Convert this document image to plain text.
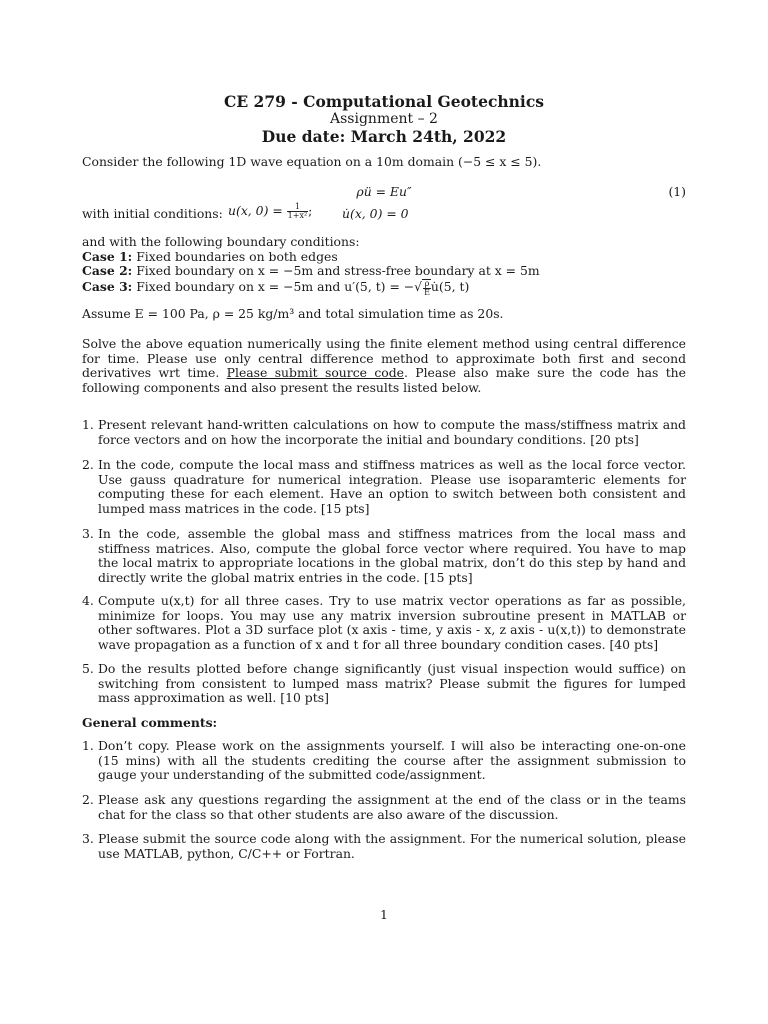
CE 279 - Computational Geotechnics
Assignment – 2
Due date: March 24th, 2022
Consider the following 1D wave equation on a 10m domain (−5 ≤ x ≤ 5).
ρü = Eu″	(1)
with initial conditions: u(x, $0) = \frac{1}{\text{1+x²}}$ ; u̇(x, 0) = 0
and with the following boundary conditions:
Case 1: Fixed boundaries on both edges
Case 2: Fixed boundary on x = −5m and stress-free boundary at x = 5m
Case 3: Fixed boundary on x = −5m and u′(5, t) = −√ $\frac{\rho}{E}$ u̇(5, t)
Assume E = 100 Pa, ρ = 25 kg/m³ and total simulation time as 20s.
Solve the above equation numerically using the finite element method using central difference for time. Please use only central difference method to approximate both first and second derivatives wrt time. Please submit source code. Please also make sure the code has the following components and also present the results listed below.
1. Present relevant hand-written calculations on how to compute the mass/stiffness matrix and force vectors and on how the incorporate the initial and boundary conditions. [20 pts]
2. In the code, compute the local mass and stiffness matrices as well as the local force vector. Use gauss quadrature for numerical integration. Please use isoparamteric elements for computing these for each element. Have an option to switch between both consistent and lumped mass matrices in the code. [15 pts]
3. In the code, assemble the global mass and stiffness matrices from the local mass and stiffness matrices. Also, compute the global force vector where required. You have to map the local matrix to appropriate locations in the global matrix, don’t do this step by hand and directly write the global matrix entries in the code. [15 pts]
4. Compute u(x,t) for all three cases. Try to use matrix vector operations as far as possible, minimize for loops. You may use any matrix inversion subroutine present in MATLAB or other softwares. Plot a 3D surface plot (x axis - time, y axis - x, z axis - u(x,t)) to demonstrate wave propagation as a function of x and t for all three boundary condition cases. [40 pts]
5. Do the results plotted before change significantly (just visual inspection would suffice) on switching from consistent to lumped mass matrix? Please submit the figures for lumped mass approximation as well. [10 pts]
General comments:
1. Don’t copy. Please work on the assignments yourself. I will also be interacting one-on-one (15 mins) with all the students crediting the course after the assignment submission to gauge your understanding of the submitted code/assignment.
2. Please ask any questions regarding the assignment at the end of the class or in the teams chat for the class so that other students are also aware of the discussion.
3. Please submit the source code along with the assignment. For the numerical solution, please use MATLAB, python, C/C++ or Fortran.
1
